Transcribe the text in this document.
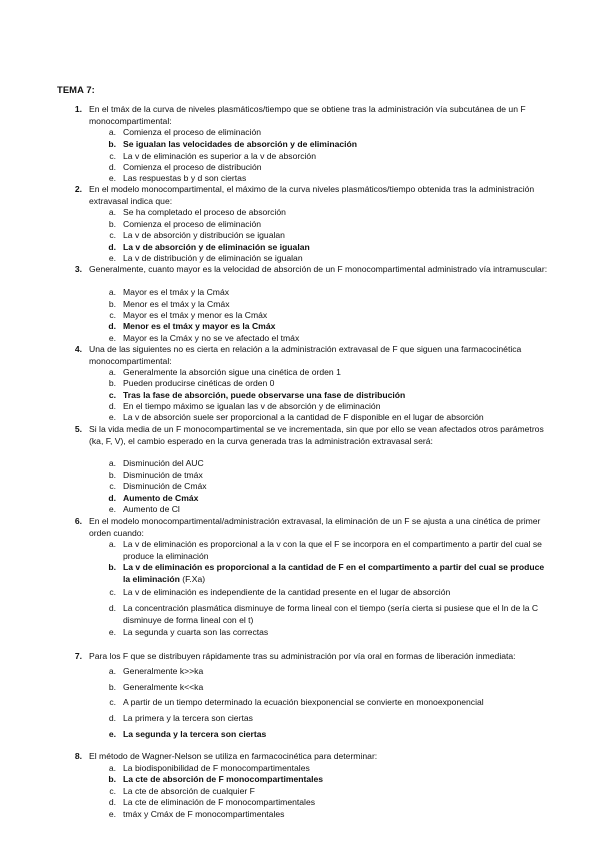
TEMA 7:
1. En el tmáx de la curva de niveles plasmáticos/tiempo que se obtiene tras la administración vía subcutánea de un F monocompartimental:
a. Comienza el proceso de eliminación
b. Se igualan las velocidades de absorción y de eliminación
c. La v de eliminación es superior a la v de absorción
d. Comienza el proceso de distribución
e. Las respuestas b y d son ciertas
2. En el modelo monocompartimental, el máximo de la curva niveles plasmáticos/tiempo obtenida tras la administración extravasal indica que:
a. Se ha completado el proceso de absorción
b. Comienza el proceso de eliminación
c. La v de absorción y distribución se igualan
d. La v de absorción y de eliminación se igualan
e. La v de distribución y de eliminación se igualan
3. Generalmente, cuanto mayor es la velocidad de absorción de un F monocompartimental administrado vía intramuscular:
a. Mayor es el tmáx y la Cmáx
b. Menor es el tmáx y la Cmáx
c. Mayor es el tmáx y menor es la Cmáx
d. Menor es el tmáx y mayor es la Cmáx
e. Mayor es la Cmáx y no se ve afectado el tmáx
4. Una de las siguientes no es cierta en relación a la administración extravasal de F que siguen una farmacocinética monocompartimental:
a. Generalmente la absorción sigue una cinética de orden 1
b. Pueden producirse cinéticas de orden 0
c. Tras la fase de absorción, puede observarse una fase de distribución
d. En el tiempo máximo se igualan las v de absorción y de eliminación
e. La v de absorción suele ser proporcional a la cantidad de F disponible en el lugar de absorción
5. Si la vida media de un F monocompartimental se ve incrementada, sin que por ello se vean afectados otros parámetros (ka, F, V), el cambio esperado en la curva generada tras la administración extravasal será:
a. Disminución del AUC
b. Disminución de tmáx
c. Disminución de Cmáx
d. Aumento de Cmáx
e. Aumento de Cl
6. En el modelo monocompartimental/administración extravasal, la eliminación de un F se ajusta a una cinética de primer orden cuando:
a. La v de eliminación es proporcional a la v con la que el F se incorpora en el compartimento a partir del cual se produce la eliminación
b. La v de eliminación es proporcional a la cantidad de F en el compartimento a partir del cual se produce la eliminación (F.Xa)
c. La v de eliminación es independiente de la cantidad presente en el lugar de absorción
d. La concentración plasmática disminuye de forma lineal con el tiempo (sería cierta si pusiese que el ln de la C disminuye de forma lineal con el t)
e. La segunda y cuarta son las correctas
7. Para los F que se distribuyen rápidamente tras su administración por vía oral en formas de liberación inmediata:
a. Generalmente k>>ka
b. Generalmente k<<ka
c. A partir de un tiempo determinado la ecuación biexponencial se convierte en monoexponencial
d. La primera y la tercera son ciertas
e. La segunda y la tercera son ciertas
8. El método de Wagner-Nelson se utiliza en farmacocinética para determinar:
a. La biodisponibilidad de F monocompartimentales
b. La cte de absorción de F monocompartimentales
c. La cte de absorción de cualquier F
d. La cte de eliminación de F monocompartimentales
e. tmáx y Cmáx de F monocompartimentales
